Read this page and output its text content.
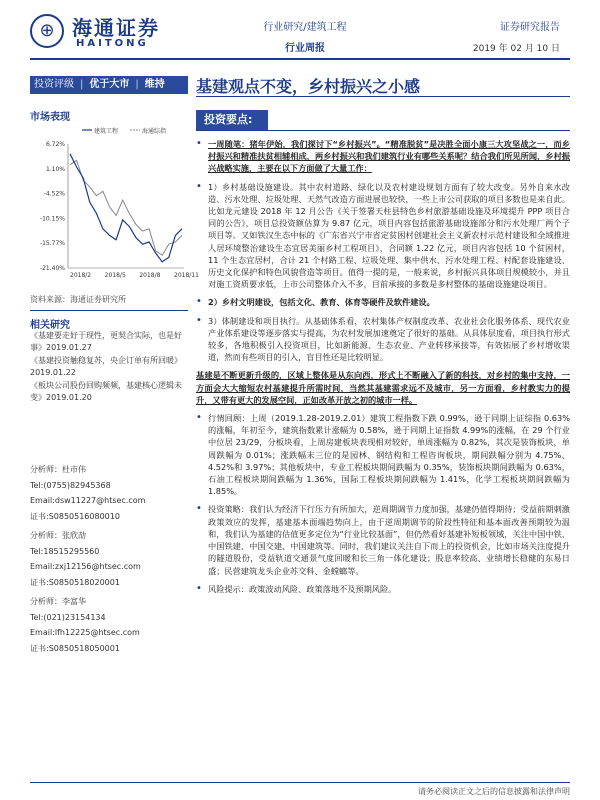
⊕ 海通证券
HAITONG
行业研究/建筑工程
行业周报
证券研究报告
2019 年 02 月 10 日
投资评级 | 优于大市 | 维持 基建观点不变，乡村振兴之小感
市场表现
建筑工程	海通综指
6.72%
1.10%
-4.52%
-10.15%
-15.77%
-21.40%
2018/2 2018/5 2018/8 2018/11
资料来源：海通证券研究所
相关研究

《基建要走好于现性，更契合实际，也是好事》2019.01.27

《基建投资触稳复苏，央企订单有所回暖》2019.01.22

《板块公司股份回购频频，基建核心逻辑未变》2019.01.20

分析师：杜市伟
Tel:(0755)82945368
Email:dsw11227@htsec.com
证书:S0850516080010
分析师：张欣劼
Tel:18515295560
Email:zxj12156@htsec.com
证书:S0850518020001
分析师：李富华
Tel:(021)23154134
Email:lfh12225@htsec.com
证书:S0850518050001
投资要点:
• 一周随笔：猪年伊始，我们探讨下“乡村振兴”。“精准脱贫”是决胜全面小康三大攻坚战之一，而乡村振兴和精准扶贫相辅相成，两乡村振兴和我们建筑行业有哪些关系呢？结合我们所见所闻，乡村振兴战略实施，主要在以下方面做了大量工作：
• 1）乡村基础设施建设。其中农村道路、绿化以及农村建设规划方面有了较大改变。另外自来水改造、污水处理、垃圾处理、天然气改造方面进展也较快，一些上市公司获取的项目多数也是来自此。比如龙元建设 2018 年 12 月公告《关于签署天柱县特色乡村旅游基础设施及环境提升 PPP 项目合同的公告》，项目总投资额估算为 9.87 亿元，项目内容包括旅游基础设施部分和污水处理厂两个子项目等。又如铁汉生态中标的《广东省兴宁市省定贫困村创建社会主义新农村示范村建设和全域推进人居环境整治建设生态宜居美丽乡村工程项目》，合同额 1.22 亿元，项目内容包括 10 个贫困村，11 个生态宜居村，合计 21 个村路工程、垃圾处理、集中供水、污水处理工程、村配套设施建设、历史文化保护和特色风貌营造等项目。值得一提的是，一般来说，乡村振兴具体项目规模较小，并且对施工资质要求低，上市公司整体介入不多，目前承接的多数是多村整体的基础设施建设项目。
• 2）乡村文明建设，包括文化、教育、体育等硬件及软件建设。
• 3）体制建设和项目执行。从基础体系看，农村集体产权制度改革、农业社会化服务体系、现代农业产业体系建设等逐步落实与提高，为农村发展加速奠定了很好的基础。从具体层度看，项目执行形式较多，各地积极引入投资项目，比如新能源、生态农业、产业转移承接等，有效拓展了乡村增收渠道，然而有些项目的引入，盲目性还是比较明显。
基建是不断更新升级的，区域上整体是从东向西，形式上不断融入了新的科技，对乡村的集中支持，一方面会大大缩短农村基建提升所需时间，当然其基建需求远不及城市，另一方面看，乡村教实力的提升，又带有更大的发展空间，正如改革开放之初的城市一样。
• 行情回顾：上周（2019.1.28-2019.2.01）建筑工程指数下跌 0.99%，逊于同期上证综指 0.63%的涨幅，年初至今，建筑指数累计涨幅为 0.58%，逊于同期上证指数 4.99%的涨幅，在 29 个行业中位居 23/29，分板块看，上周房建板块表现相对较好，单周涨幅为 0.82%，其次是装饰板块，单周跌幅为 0.01%；涨跌幅末三位的是园林、钢结构和工程咨询板块，期间跌幅分别为 4.75%、4.52%和 3.97%；其他板块中，专业工程板块期间跌幅为 0.35%，装饰板块期间跌幅为 0.63%，石油工程板块期间跌幅为 1.36%，国际工程板块期间跌幅为 1.41%，化学工程板块期间跌幅为 1.85%。
• 投资策略：我们认为经济下行压力有所加大，逆周期调节力度加强，基建仍值得期待；受益前期刺激政策效应的发挥，基建基本面端趋势向上，由于逆周期调节的阶段性特征和基本面改善预期较为温和，我们认为基建的估值更多定位为“行业比较基面”，但仍然看好基建补短板领域，关注中国中铁、中国铁建、中国交建、中国建筑等。同时，我们建议关注自下而上的投资机会，比如市场关注度提升的隧道股份，受益轨道交通景气度回暖和长三角一体化建设；股息率较高、业绩增长稳健的东易日盛；民营建筑龙头企业苏交科、金螳螂等。
• 风险提示：政策波动风险、政策落地不及预期风险。
请务必阅读正文之后的信息披露和法律声明
